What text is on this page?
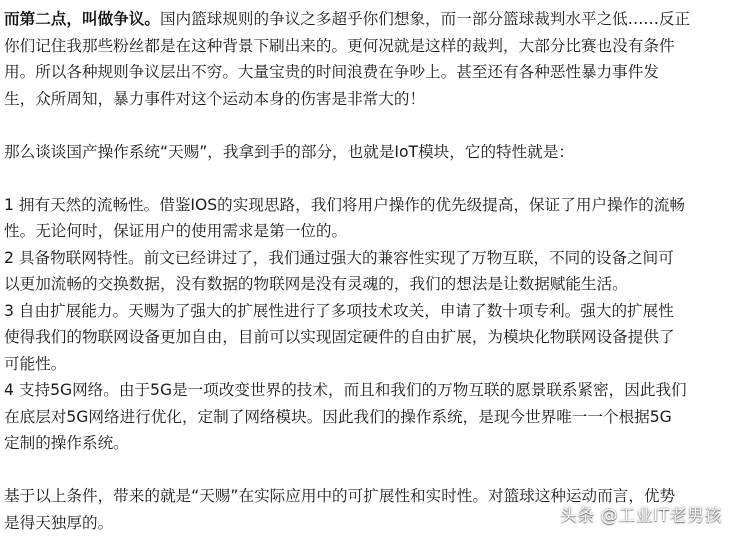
而第二点，叫做争议。国内篮球规则的争议之多超乎你们想象，而一部分篮球裁判水平之低……反正
你们记住我那些粉丝都是在这种背景下刷出来的。更何况就是这样的裁判，大部分比赛也没有条件
用。所以各种规则争议层出不穷。大量宝贵的时间浪费在争吵上。甚至还有各种恶性暴力事件发
生，众所周知，暴力事件对这个运动本身的伤害是非常大的！
那么谈谈国产操作系统“天赐”，我拿到手的部分，也就是IoT模块，它的特性就是：
1 拥有天然的流畅性。借鉴IOS的实现思路，我们将用户操作的优先级提高，保证了用户操作的流畅
性。无论何时，保证用户的使用需求是第一位的。
2 具备物联网特性。前文已经讲过了，我们通过强大的兼容性实现了万物互联，不同的设备之间可
以更加流畅的交换数据，没有数据的物联网是没有灵魂的，我们的想法是让数据赋能生活。
3 自由扩展能力。天赐为了强大的扩展性进行了多项技术攻关，申请了数十项专利。强大的扩展性
使得我们的物联网设备更加自由，目前可以实现固定硬件的自由扩展，为模块化物联网设备提供了
可能性。
4 支持5G网络。由于5G是一项改变世界的技术，而且和我们的万物互联的愿景联系紧密，因此我们
在底层对5G网络进行优化，定制了网络模块。因此我们的操作系统，是现今世界唯一一个根据5G
定制的操作系统。
基于以上条件，带来的就是“天赐”在实际应用中的可扩展性和实时性。对篮球这种运动而言，优势
是得天独厚的。	头条 @工业IT老男孩
